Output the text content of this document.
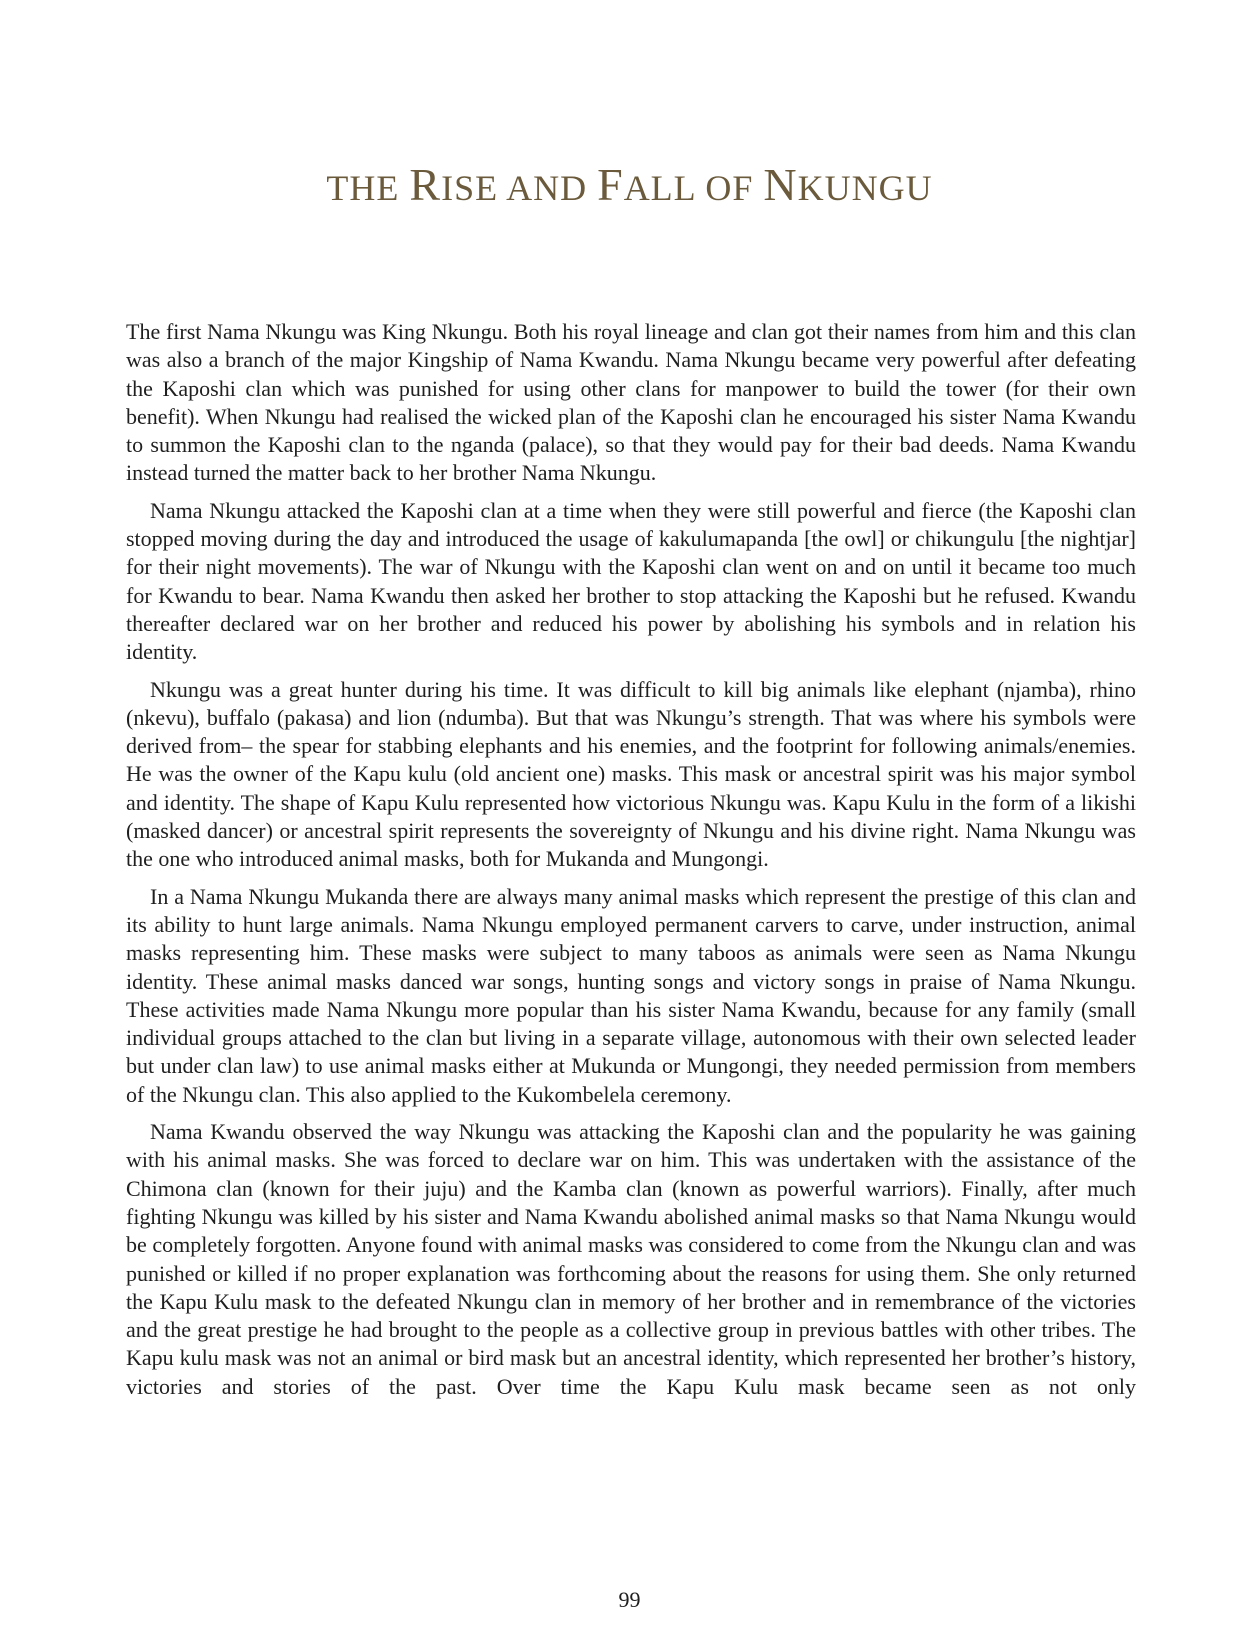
THE RISE AND FALL OF NKUNGU

The first Nama Nkungu was King Nkungu. Both his royal lineage and clan got their names from him and this clan was also a branch of the major Kingship of Nama Kwandu. Nama Nkungu became very powerful after defeating the Kaposhi clan which was punished for using other clans for manpower to build the tower (for their own benefit). When Nkungu had realised the wicked plan of the Kaposhi clan he encouraged his sister Nama Kwandu to summon the Kaposhi clan to the nganda (palace), so that they would pay for their bad deeds. Nama Kwandu instead turned the matter back to her brother Nama Nkungu.

Nama Nkungu attacked the Kaposhi clan at a time when they were still powerful and fierce (the Kaposhi clan stopped moving during the day and introduced the usage of kakulumapanda [the owl] or chikungulu [the nightjar] for their night movements). The war of Nkungu with the Kaposhi clan went on and on until it became too much for Kwandu to bear. Nama Kwandu then asked her brother to stop attacking the Kaposhi but he refused. Kwandu thereafter declared war on her brother and reduced his power by abolishing his symbols and in relation his identity.

Nkungu was a great hunter during his time. It was difficult to kill big animals like elephant (njamba), rhino (nkevu), buffalo (pakasa) and lion (ndumba). But that was Nkungu’s strength. That was where his symbols were derived from– the spear for stabbing elephants and his enemies, and the footprint for following animals/enemies. He was the owner of the Kapu kulu (old ancient one) masks. This mask or ancestral spirit was his major symbol and identity. The shape of Kapu Kulu represented how victorious Nkungu was. Kapu Kulu in the form of a likishi (masked dancer) or ancestral spirit represents the sovereignty of Nkungu and his divine right. Nama Nkungu was the one who introduced animal masks, both for Mukanda and Mungongi.

In a Nama Nkungu Mukanda there are always many animal masks which represent the prestige of this clan and its ability to hunt large animals. Nama Nkungu employed permanent carvers to carve, under instruction, animal masks representing him. These masks were subject to many taboos as animals were seen as Nama Nkungu identity. These animal masks danced war songs, hunting songs and victory songs in praise of Nama Nkungu. These activities made Nama Nkungu more popular than his sister Nama Kwandu, because for any family (small individual groups attached to the clan but living in a separate village, autonomous with their own selected leader but under clan law) to use animal masks either at Mukunda or Mungongi, they needed permission from members of the Nkungu clan. This also applied to the Kukombelela ceremony.

Nama Kwandu observed the way Nkungu was attacking the Kaposhi clan and the popularity he was gaining with his animal masks. She was forced to declare war on him. This was undertaken with the assistance of the Chimona clan (known for their juju) and the Kamba clan (known as powerful warriors). Finally, after much fighting Nkungu was killed by his sister and Nama Kwandu abolished animal masks so that Nama Nkungu would be completely forgotten. Anyone found with animal masks was considered to come from the Nkungu clan and was punished or killed if no proper explanation was forthcoming about the reasons for using them. She only returned the Kapu Kulu mask to the defeated Nkungu clan in memory of her brother and in remembrance of the victories and the great prestige he had brought to the people as a collective group in previous battles with other tribes. The Kapu kulu mask was not an animal or bird mask but an ancestral identity, which represented her brother’s history, victories and stories of the past. Over time the Kapu Kulu mask became seen as not only

99
